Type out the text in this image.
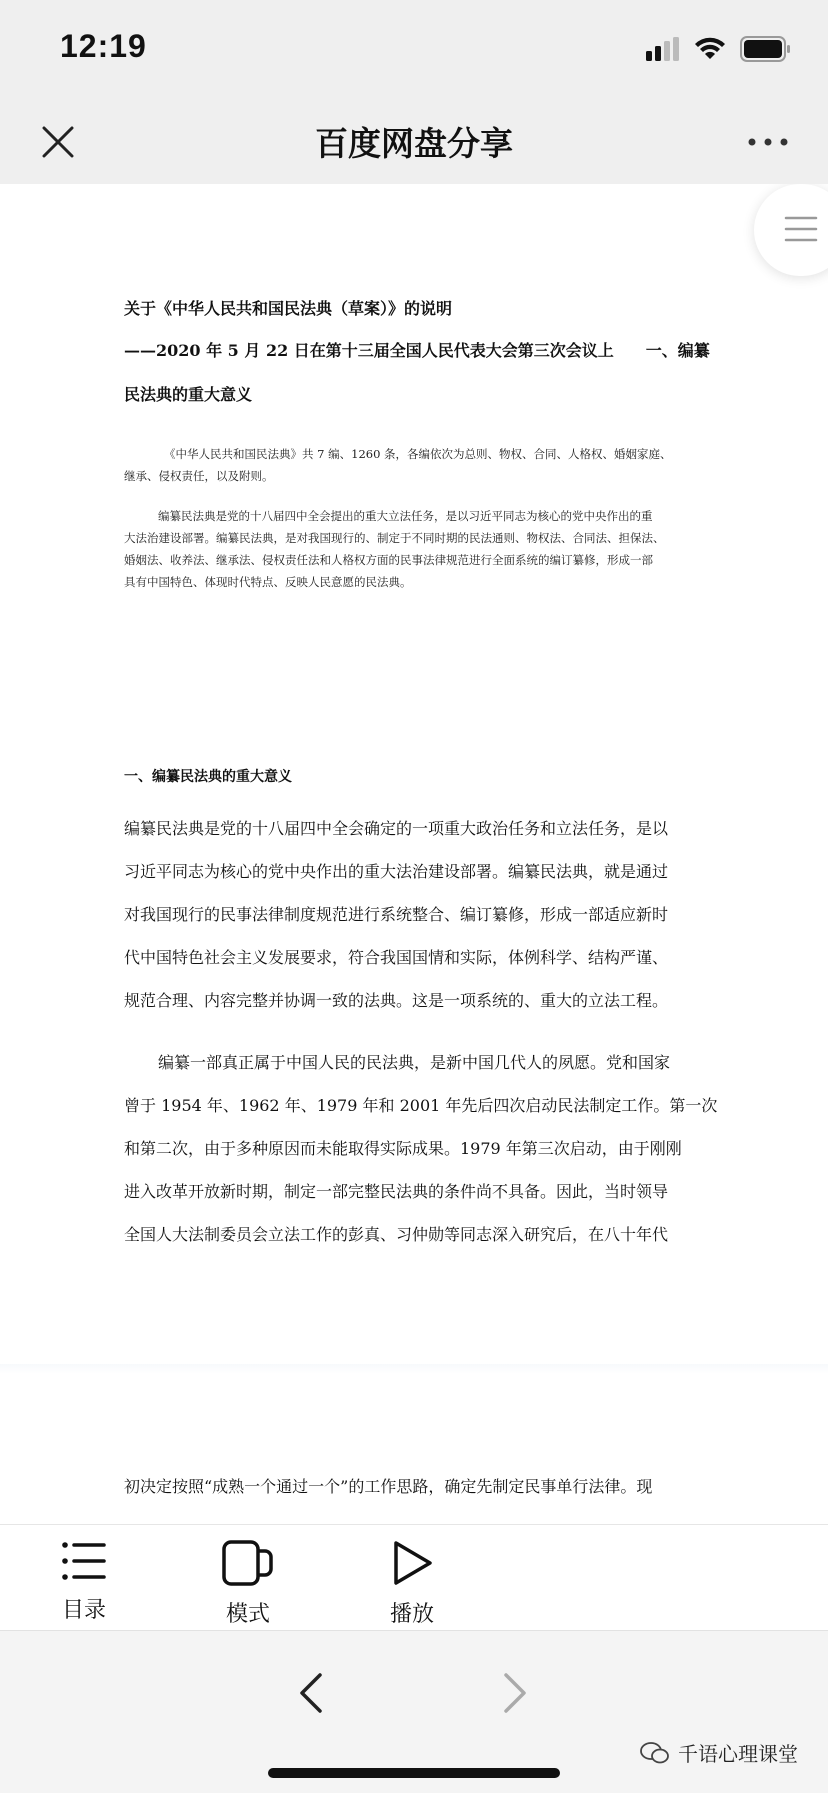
12:19
百度网盘分享
关于《中华人民共和国民法典（草案）》的说明
——2020 年 5 月 22 日在第十三届全国人民代表大会第三次会议上　　一、编纂
民法典的重大意义
《中华人民共和国民法典》共 7 编、1260 条，各编依次为总则、物权、合同、人格权、婚姻家庭、
继承、侵权责任，以及附则。
编纂民法典是党的十八届四中全会提出的重大立法任务，是以习近平同志为核心的党中央作出的重
大法治建设部署。编纂民法典，是对我国现行的、制定于不同时期的民法通则、物权法、合同法、担保法、
婚姻法、收养法、继承法、侵权责任法和人格权方面的民事法律规范进行全面系统的编订纂修，形成一部
具有中国特色、体现时代特点、反映人民意愿的民法典。
一、编纂民法典的重大意义
编纂民法典是党的十八届四中全会确定的一项重大政治任务和立法任务，是以
习近平同志为核心的党中央作出的重大法治建设部署。编纂民法典，就是通过
对我国现行的民事法律制度规范进行系统整合、编订纂修，形成一部适应新时
代中国特色社会主义发展要求，符合我国国情和实际，体例科学、结构严谨、
规范合理、内容完整并协调一致的法典。这是一项系统的、重大的立法工程。
编纂一部真正属于中国人民的民法典，是新中国几代人的夙愿。党和国家
曾于 1954 年、1962 年、1979 年和 2001 年先后四次启动民法制定工作。第一次
和第二次，由于多种原因而未能取得实际成果。1979 年第三次启动，由于刚刚
进入改革开放新时期，制定一部完整民法典的条件尚不具备。因此，当时领导
全国人大法制委员会立法工作的彭真、习仲勋等同志深入研究后，在八十年代
初决定按照“成熟一个通过一个”的工作思路，确定先制定民事单行法律。现
目录	模式	播放
千语心理课堂
